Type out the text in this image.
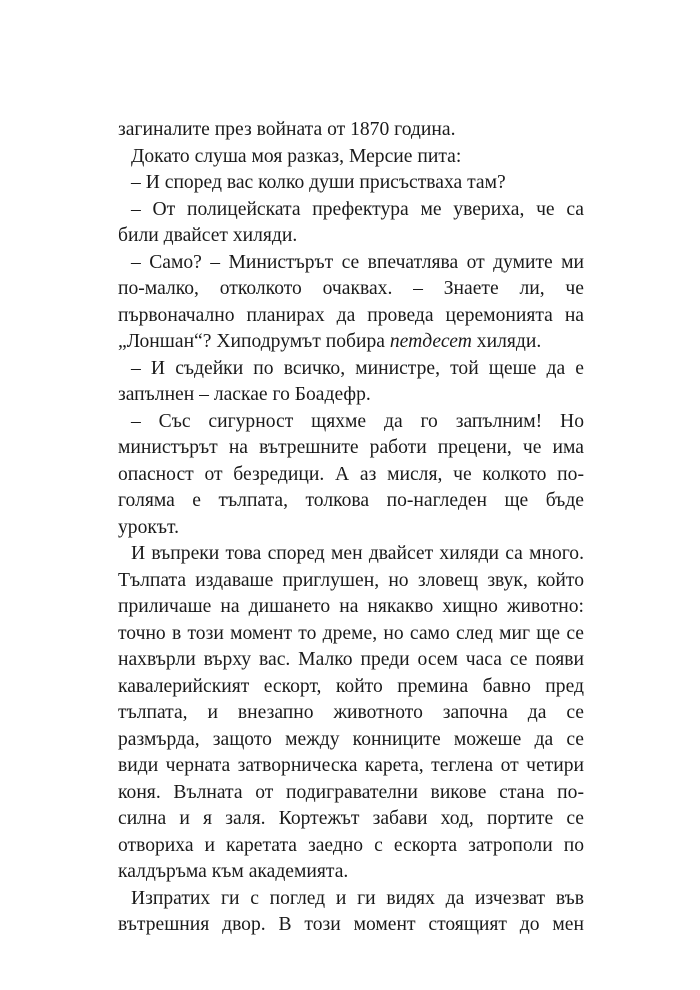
загиналите през войната от 1870 година.
Докато слуша моя разказ, Мерсие пита:
– И според вас колко души присъстваха там?
– От полицейската префектура ме увериха, че са
били двайсет хиляди.
– Само? – Министърът се впечатлява от думите ми
по-малко, отколкото очаквах. – Знаете ли, че
първоначално планирах да проведа церемонията на
„Лоншан“? Хиподрумът побира петдесет хиляди.
– И съдейки по всичко, министре, той щеше да е
запълнен – ласкае го Боадефр.
– Със сигурност щяхме да го запълним! Но
министърът на вътрешните работи прецени, че има
опасност от безредици. А аз мисля, че колкото по-
голяма е тълпата, толкова по-нагледен ще бъде
урокът.
И въпреки това според мен двайсет хиляди са много.
Тълпата издаваше приглушен, но зловещ звук, който
приличаше на дишането на някакво хищно животно:
точно в този момент то дреме, но само след миг ще се
нахвърли върху вас. Малко преди осем часа се появи
кавалерийският ескорт, който премина бавно пред
тълпата, и внезапно животното започна да се
размърда, защото между конниците можеше да се
види черната затворническа карета, теглена от четири
коня. Вълната от подигравателни викове стана по-
силна и я заля. Кортежът забави ход, портите се
отвориха и каретата заедно с ескорта затрополи по
калдъръма към академията.
Изпратих ги с поглед и ги видях да изчезват във
вътрешния двор. В този момент стоящият до мен
